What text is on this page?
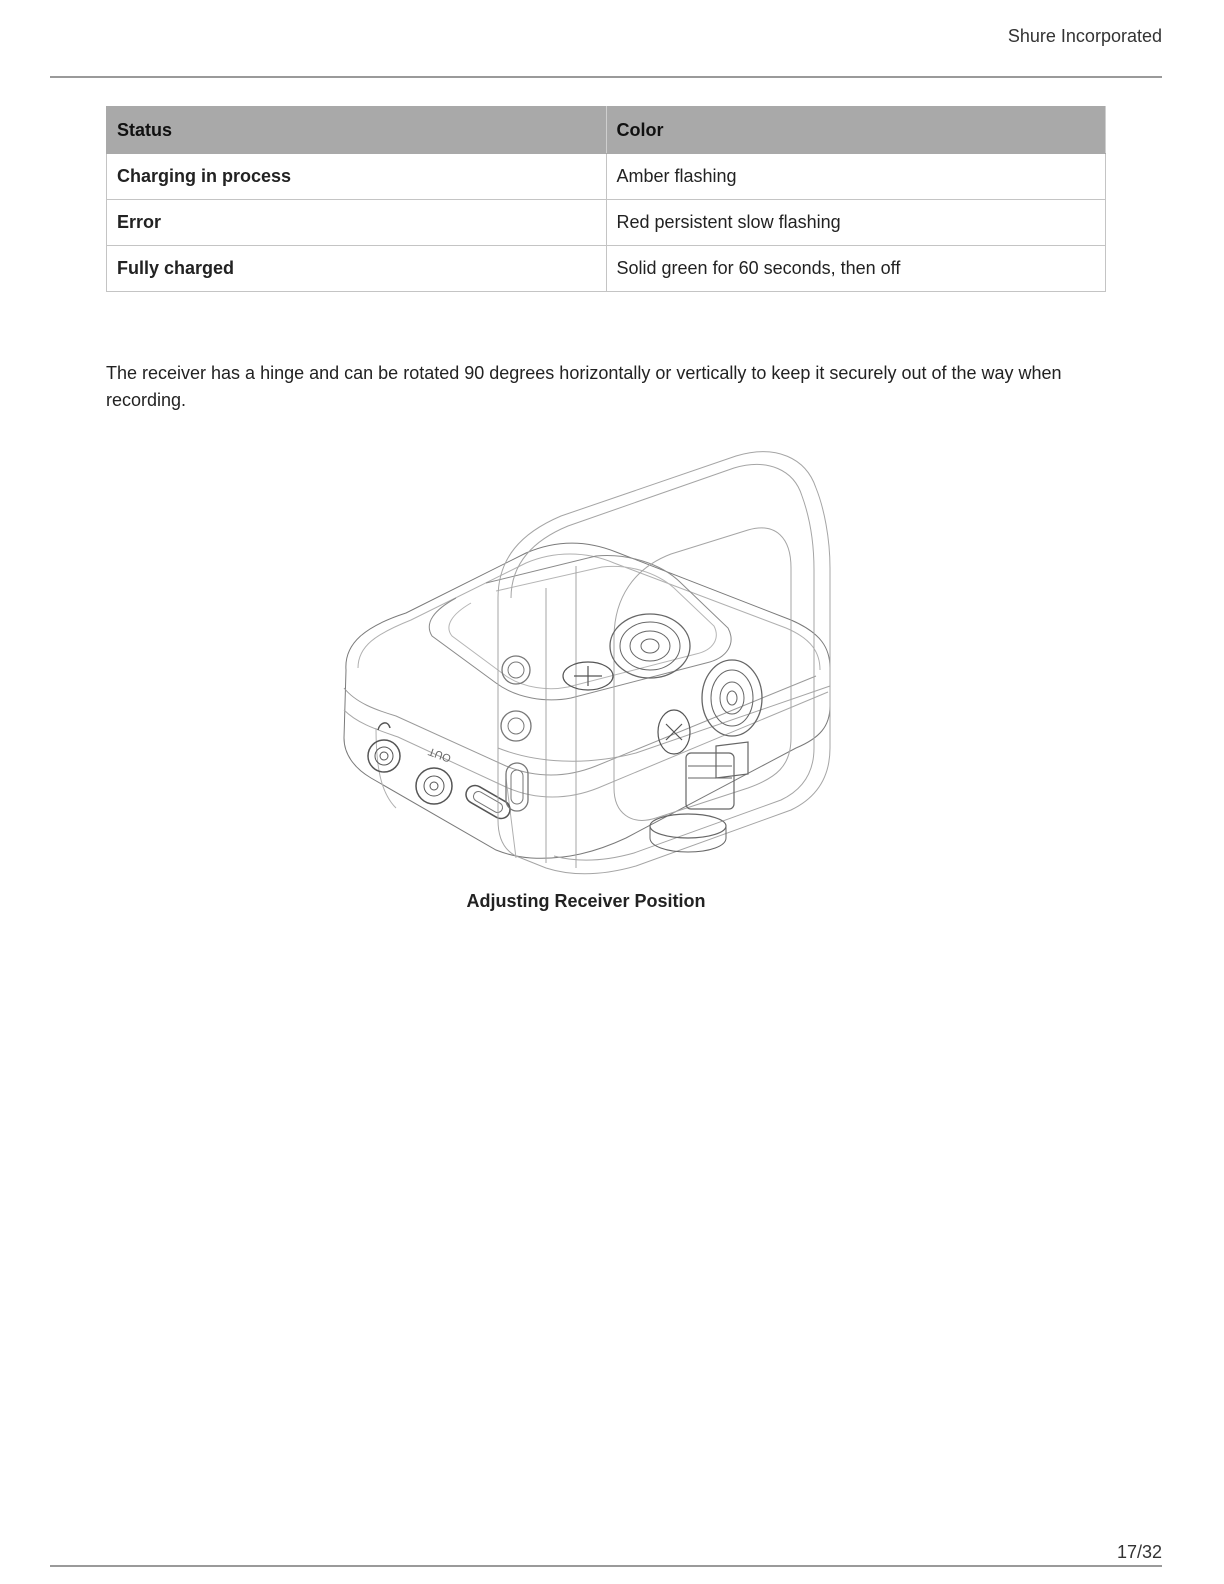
Shure Incorporated
Status	Color
Charging in process	Amber flashing
Error	Red persistent slow flashing
Fully charged	Solid green for 60 seconds, then off

The receiver has a hinge and can be rotated 90 degrees horizontally or vertically to keep it securely out of the way when recording.

OUT
Adjusting Receiver Position
17/32
